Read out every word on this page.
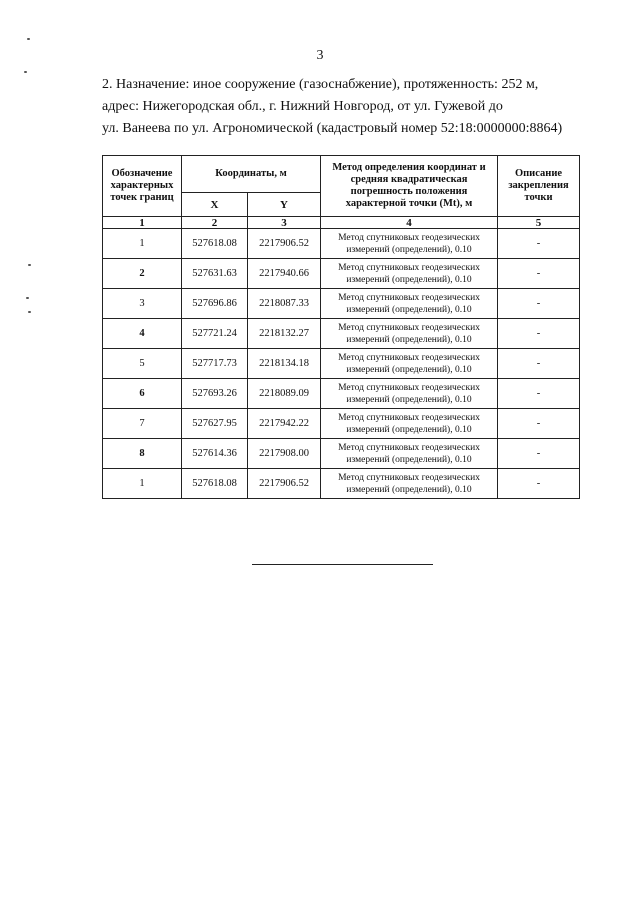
3

2. Назначение: иное сооружение (газоснабжение), протяженность: 252 м,

адрес: Нижегородская обл., г. Нижний Новгород, от ул. Гужевой до

ул. Ванеева по ул. Агрономической (кадастровый номер 52:18:0000000:8864)

Обозначение характерных точек границ	Координаты, м		Метод определения координат и средняя квадратическая погрешность положения характерной точки (Mt), м	Описание закрепления точки
	X	Y		
1	2	3	4	5
1	527618.08	2217906.52	Метод спутниковых геодезических
измерений (определений), 0.10	-
2	527631.63	2217940.66	Метод спутниковых геодезических
измерений (определений), 0.10	-
3	527696.86	2218087.33	Метод спутниковых геодезических
измерений (определений), 0.10	-
4	527721.24	2218132.27	Метод спутниковых геодезических
измерений (определений), 0.10	-
5	527717.73	2218134.18	Метод спутниковых геодезических
измерений (определений), 0.10	-
6	527693.26	2218089.09	Метод спутниковых геодезических
измерений (определений), 0.10	-
7	527627.95	2217942.22	Метод спутниковых геодезических
измерений (определений), 0.10	-
8	527614.36	2217908.00	Метод спутниковых геодезических
измерений (определений), 0.10	-
1	527618.08	2217906.52	Метод спутниковых геодезических
измерений (определений), 0.10	-
